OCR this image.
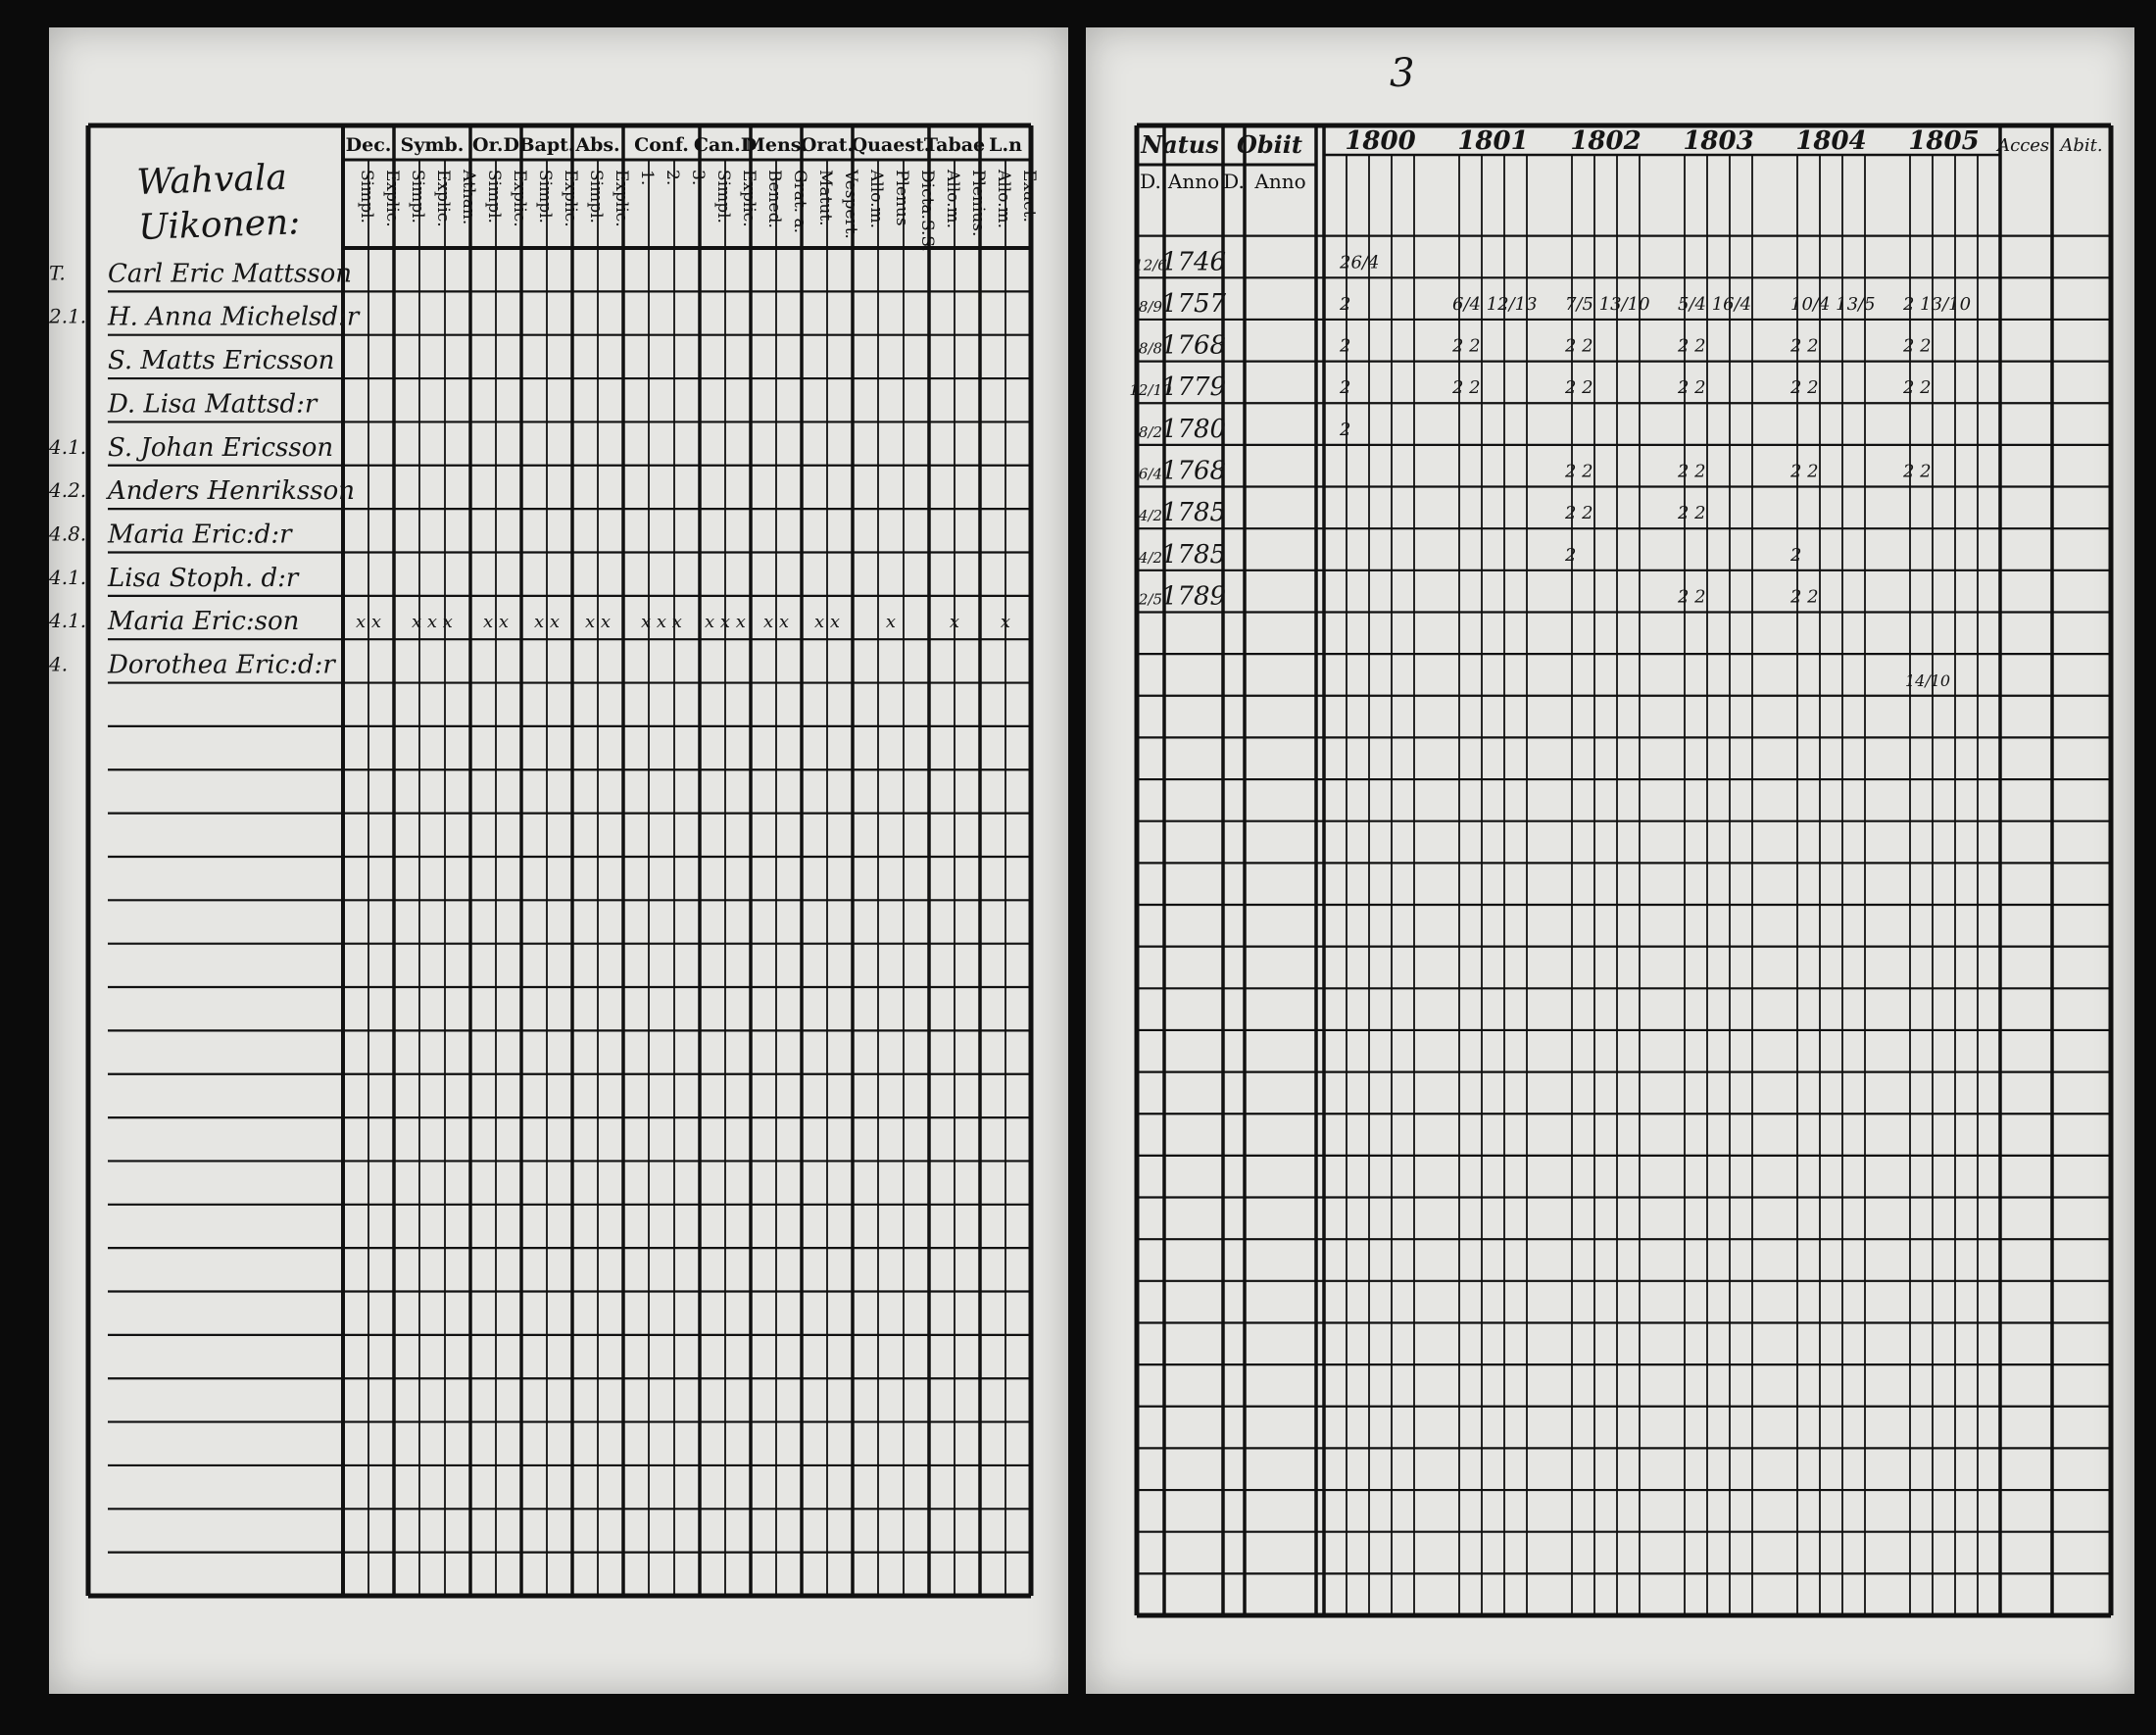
Wahvala
Uikonen:
Dec.
Simpl. Explic.
Symb.
Simpl. Explic. Athan.
Or.D
Simpl. Explic.
Bapt.
Simpl. Explic.
Abs.
Simpl. Explic.
Conf.
1. 2. 3.
Can.D
Simpl. Explic.
Mens.
Bened. Grat. a.
Orat.
Matut. Vespert.
Quaest.
Allo.m. Plenus Dicta.S.S.
Tabae
Allo.m. Plenius.
L.n
Allo.m. Exact.
Carl Eric Mattsson
H. Anna Michelsd:r
S. Matts Ericsson
D. Lisa Mattsd:r
S. Johan Ericsson
Anders Henriksson
Maria Eric:d:r
Lisa Stoph. d:r
Maria Eric:son
Dorothea Eric:d:r
T.
2.1.
4.1.
4.2.
4.8.
4.1.
4.1.
4.
x x x x x x x x x x x x x x x x x x x x x	x	x x
Natus Obiit
D. Anno D. Anno
Acces. Abit.
1800 1801 1802 1803 1804 1805
12/6
1746
8/9
1757
8/8
1768
12/10
1779
8/2
1780
6/4
1768
4/2
1785
4/2
1785
2/5
1789
26/4
2
2
2
2
6/4 12/13
2 2
2 2
7/5 13/10
2 2
2 2
2 2
2 2
2
5/4 16/4
2 2
2 2
2 2
2 2
2 2
10/4 13/5
2 2
2 2
2 2
2
2 2
2 13/10
2 2
2 2
2 2
14/10
3
